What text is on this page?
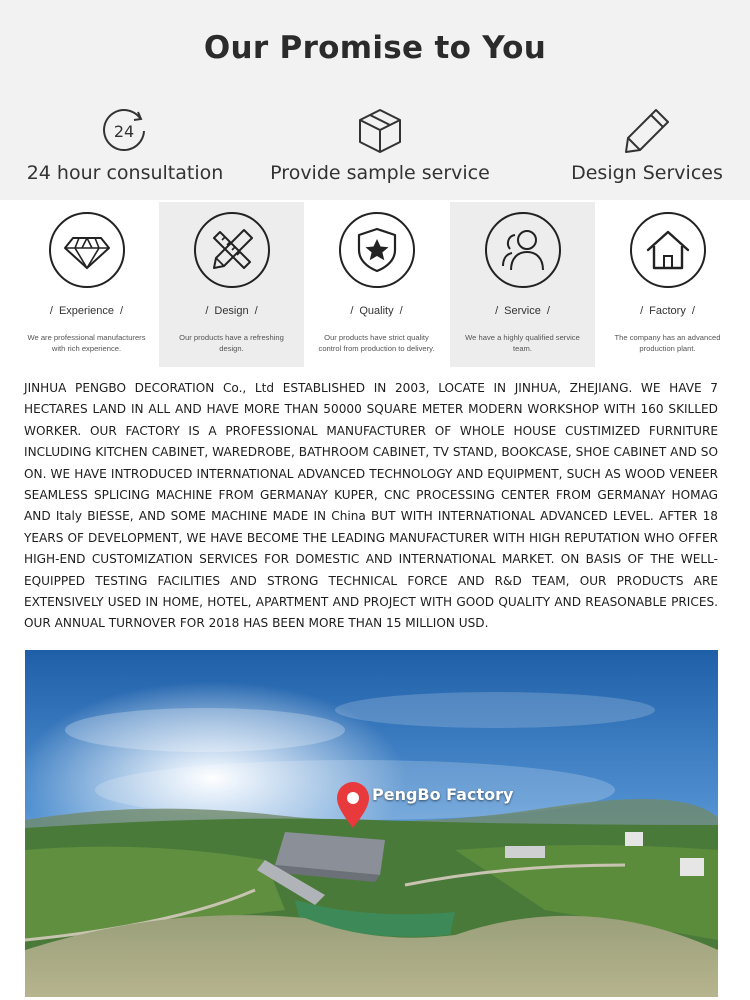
Our Promise to You
24
24 hour consultation	Provide sample service	Design Services
/ Experience /
We are professional manufacturers with rich experience.
/ Design /
Our products have a refreshing design.
/ Quality /
Our products have strict quality control from production to delivery.
/ Service /
We have a highly qualified service team.
/ Factory /
The company has an advanced production plant.

JINHUA PENGBO DECORATION Co., Ltd ESTABLISHED IN 2003, LOCATE IN JINHUA, ZHEJIANG. WE HAVE 7 HECTARES LAND IN ALL AND HAVE MORE THAN 50000 SQUARE METER MODERN WORKSHOP WITH 160 SKILLED WORKER. OUR FACTORY IS A PROFESSIONAL MANUFACTURER OF WHOLE HOUSE CUSTIMIZED FURNITURE INCLUDING KITCHEN CABINET, WAREDROBE, BATHROOM CABINET, TV STAND, BOOKCASE, SHOE CABINET AND SO ON. WE HAVE INTRODUCED INTERNATIONAL ADVANCED TECHNOLOGY AND EQUIPMENT, SUCH AS WOOD VENEER SEAMLESS SPLICING MACHINE FROM GERMANAY KUPER, CNC PROCESSING CENTER FROM GERMANAY HOMAG AND Italy BIESSE, AND SOME MACHINE MADE IN China BUT WITH INTERNATIONAL ADVANCED LEVEL. AFTER 18 YEARS OF DEVELOPMENT, WE HAVE BECOME THE LEADING MANUFACTURER WITH HIGH REPUTATION WHO OFFER HIGH-END CUSTOMIZATION SERVICES FOR DOMESTIC AND INTERNATIONAL MARKET. ON BASIS OF THE WELL-EQUIPPED TESTING FACILITIES AND STRONG TECHNICAL FORCE AND R&D TEAM, OUR PRODUCTS ARE EXTENSIVELY USED IN HOME, HOTEL, APARTMENT AND PROJECT WITH GOOD QUALITY AND REASONABLE PRICES. OUR ANNUAL TURNOVER FOR 2018 HAS BEEN MORE THAN 15 MILLION USD.

PengBo Factory
